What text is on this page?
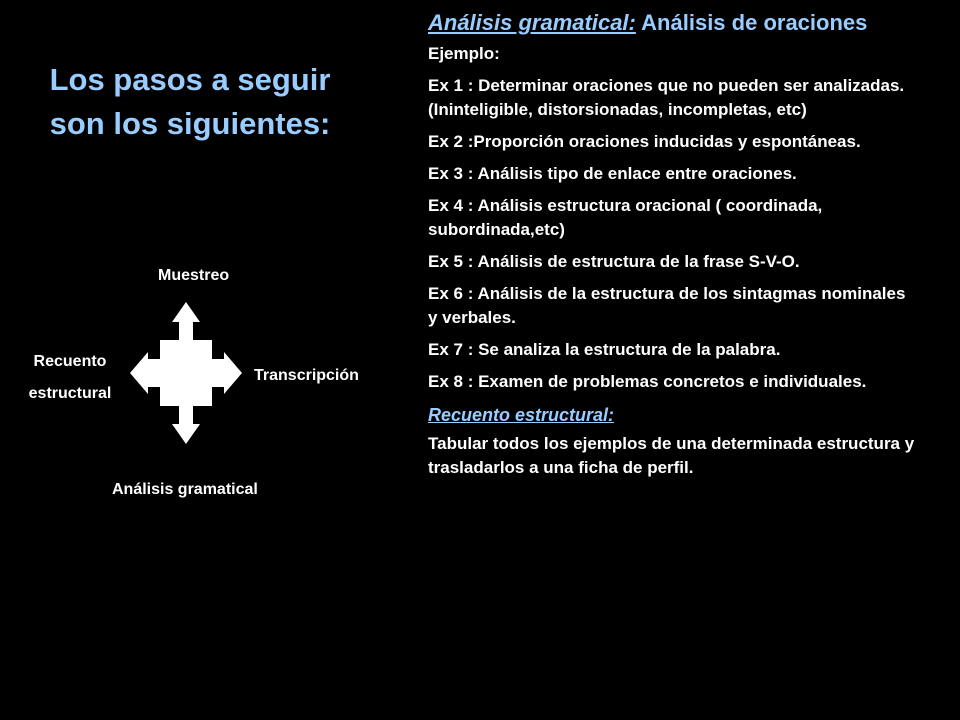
Los pasos a seguir son los siguientes:
Muestreo
Transcripción
Análisis gramatical
Recuento estructural
Análisis gramatical: Análisis de oraciones

Ejemplo:

Ex 1 : Determinar oraciones que no pueden ser analizadas. (Ininteligible, distorsionadas, incompletas, etc)

Ex 2 :Proporción oraciones inducidas y espontáneas.

Ex 3 : Análisis tipo de enlace entre oraciones.

Ex 4 : Análisis estructura oracional ( coordinada, subordinada,etc)

Ex 5 : Análisis de estructura de la frase S-V-O.

Ex 6 : Análisis de la estructura de los sintagmas nominales y verbales.

Ex 7 : Se analiza la estructura de la palabra.

Ex 8 : Examen de problemas concretos e individuales.

Recuento estructural:

Tabular todos los ejemplos de una determinada estructura y trasladarlos a una ficha de perfil.
